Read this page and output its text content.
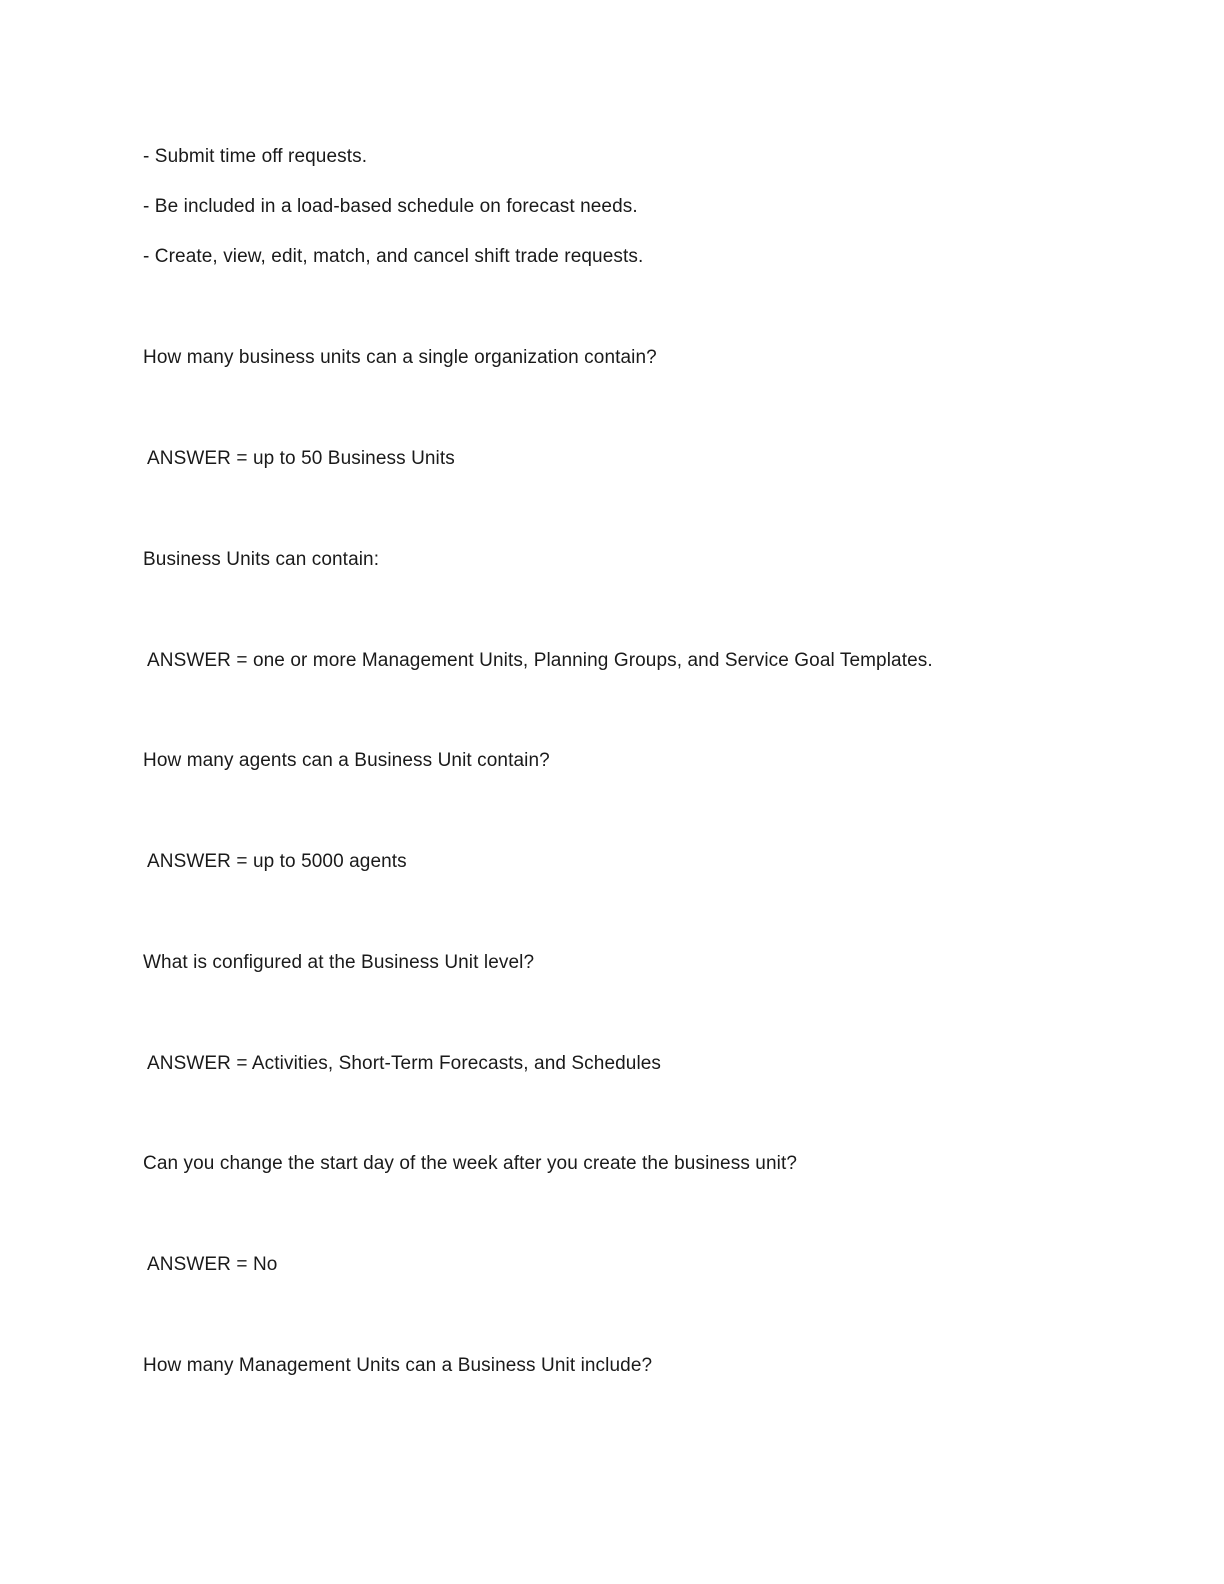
- Submit time off requests.
- Be included in a load-based schedule on forecast needs.
- Create, view, edit, match, and cancel shift trade requests.
How many business units can a single organization contain?
ANSWER = up to 50 Business Units
Business Units can contain:
ANSWER = one or more Management Units, Planning Groups, and Service Goal Templates.
How many agents can a Business Unit contain?
ANSWER = up to 5000 agents
What is configured at the Business Unit level?
ANSWER = Activities, Short-Term Forecasts, and Schedules
Can you change the start day of the week after you create the business unit?
ANSWER = No
How many Management Units can a Business Unit include?
